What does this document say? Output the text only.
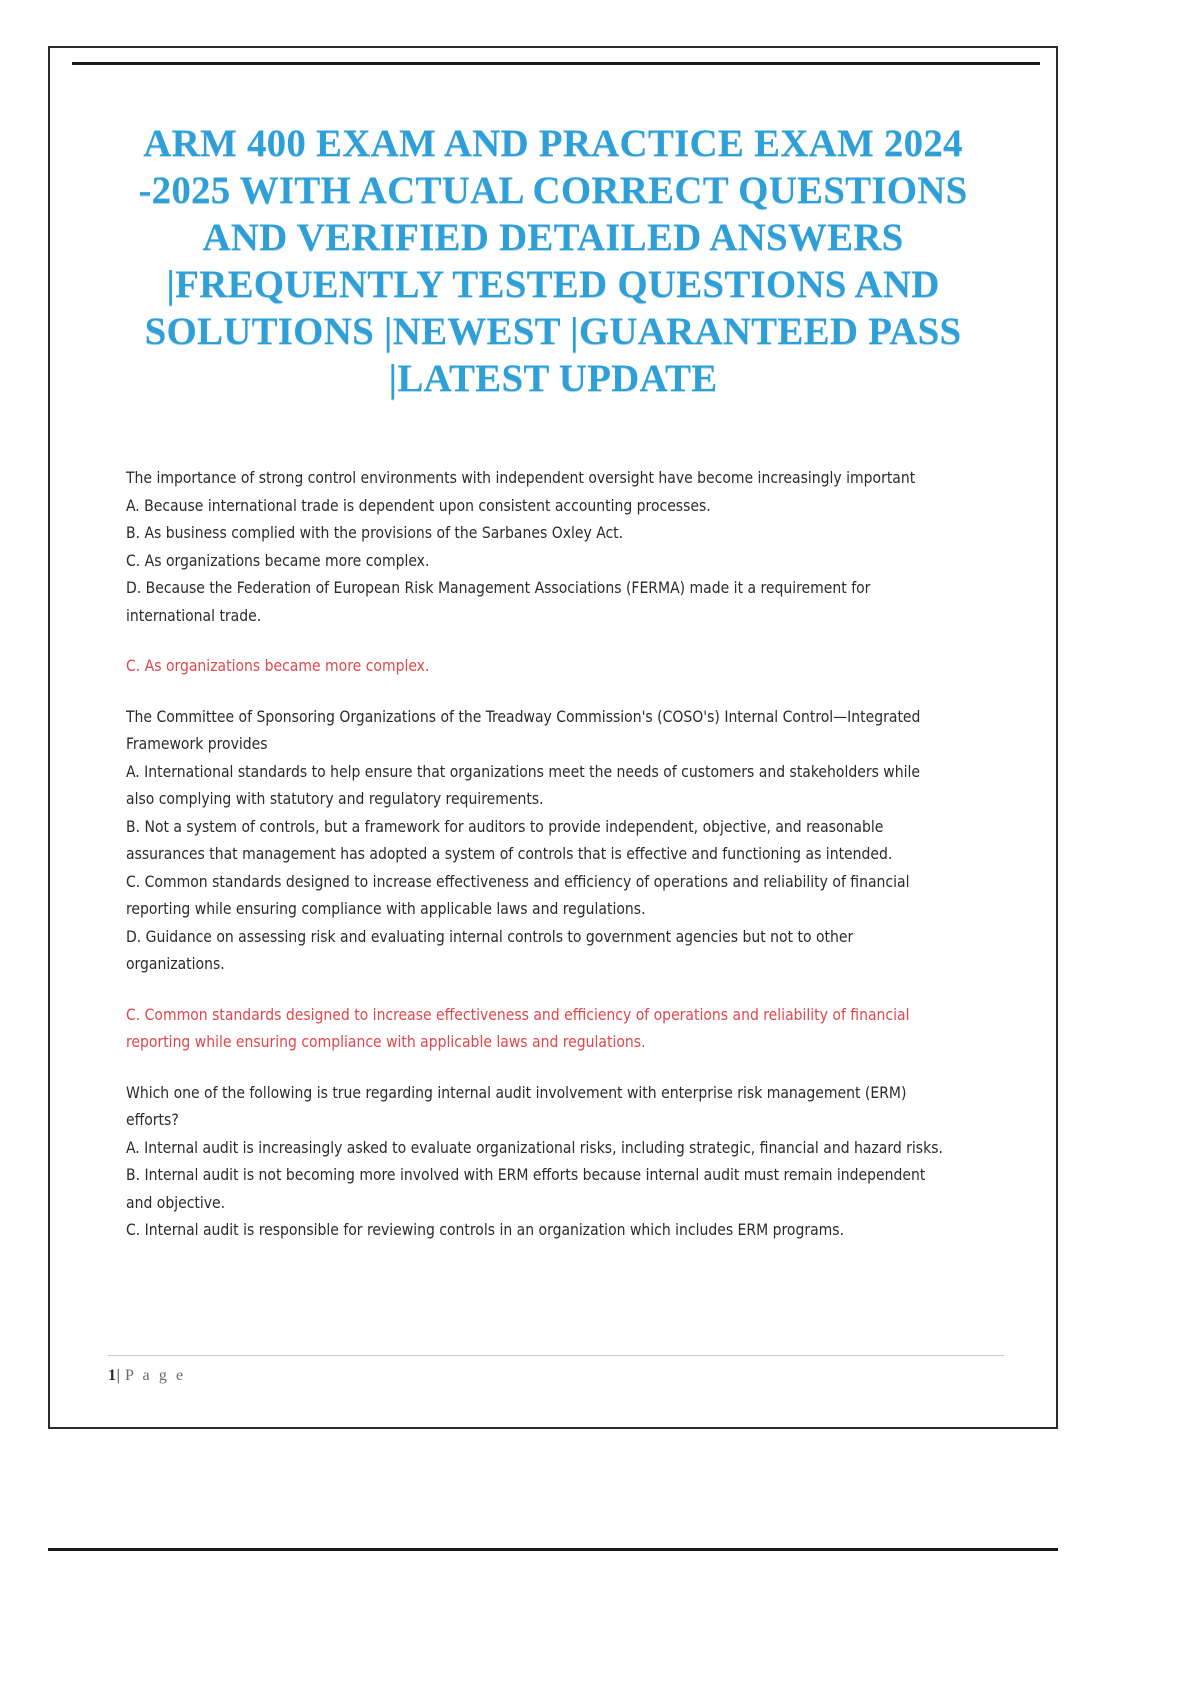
ARM 400 EXAM AND PRACTICE EXAM 2024 -2025 WITH ACTUAL CORRECT QUESTIONS AND VERIFIED DETAILED ANSWERS |FREQUENTLY TESTED QUESTIONS AND SOLUTIONS |NEWEST |GUARANTEED PASS |LATEST UPDATE

The importance of strong control environments with independent oversight have become increasingly important

A. Because international trade is dependent upon consistent accounting processes.

B. As business complied with the provisions of the Sarbanes Oxley Act.

C. As organizations became more complex.

D. Because the Federation of European Risk Management Associations (FERMA) made it a requirement for international trade.

C. As organizations became more complex.

The Committee of Sponsoring Organizations of the Treadway Commission's (COSO's) Internal Control—Integrated Framework provides

A. International standards to help ensure that organizations meet the needs of customers and stakeholders while also complying with statutory and regulatory requirements.

B. Not a system of controls, but a framework for auditors to provide independent, objective, and reasonable assurances that management has adopted a system of controls that is effective and functioning as intended.

C. Common standards designed to increase effectiveness and efficiency of operations and reliability of financial reporting while ensuring compliance with applicable laws and regulations.

D. Guidance on assessing risk and evaluating internal controls to government agencies but not to other organizations.

C. Common standards designed to increase effectiveness and efficiency of operations and reliability of financial reporting while ensuring compliance with applicable laws and regulations.

Which one of the following is true regarding internal audit involvement with enterprise risk management (ERM) efforts?

A. Internal audit is increasingly asked to evaluate organizational risks, including strategic, financial and hazard risks.

B. Internal audit is not becoming more involved with ERM efforts because internal audit must remain independent and objective.

C. Internal audit is responsible for reviewing controls in an organization which includes ERM programs.

1| P a g e
